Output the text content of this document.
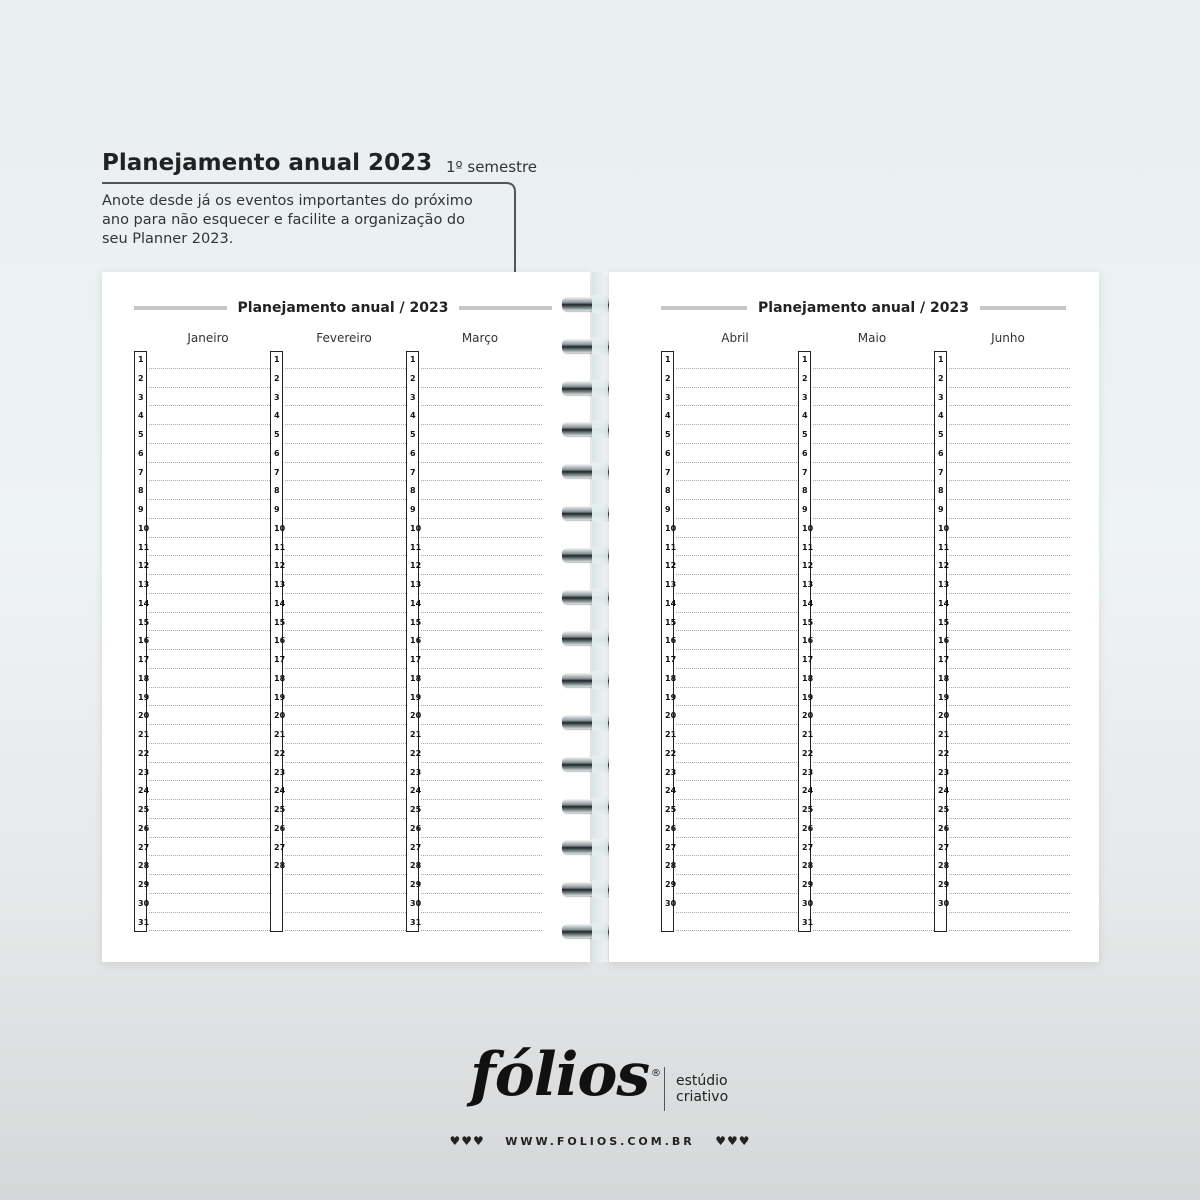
Planejamento anual 2023 1º semestre

Anote desde já os eventos importantes do próximo ano para não esquecer e facilite a organização do seu Planner 2023.

Planejamento anual / 2023
Janeiro
1
2
3
4
5
6
7
8
9
10
11
12
13
14
15
16
17
18
19
20
21
22
23
24
25
26
27
28
29
30
31
Fevereiro
1
2
3
4
5
6
7
8
9
10
11
12
13
14
15
16
17
18
19
20
21
22
23
24
25
26
27
28
Março
1
2
3
4
5
6
7
8
9
10
11
12
13
14
15
16
17
18
19
20
21
22
23
24
25
26
27
28
29
30
31
Planejamento anual / 2023
Abril
1
2
3
4
5
6
7
8
9
10
11
12
13
14
15
16
17
18
19
20
21
22
23
24
25
26
27
28
29
30
Maio
1
2
3
4
5
6
7
8
9
10
11
12
13
14
15
16
17
18
19
20
21
22
23
24
25
26
27
28
29
30
31
Junho
1
2
3
4
5
6
7
8
9
10
11
12
13
14
15
16
17
18
19
20
21
22
23
24
25
26
27
28
29
30
fólios ® estúdio
criativo
♥♥♥ WWW.FOLIOS.COM.BR ♥♥♥
